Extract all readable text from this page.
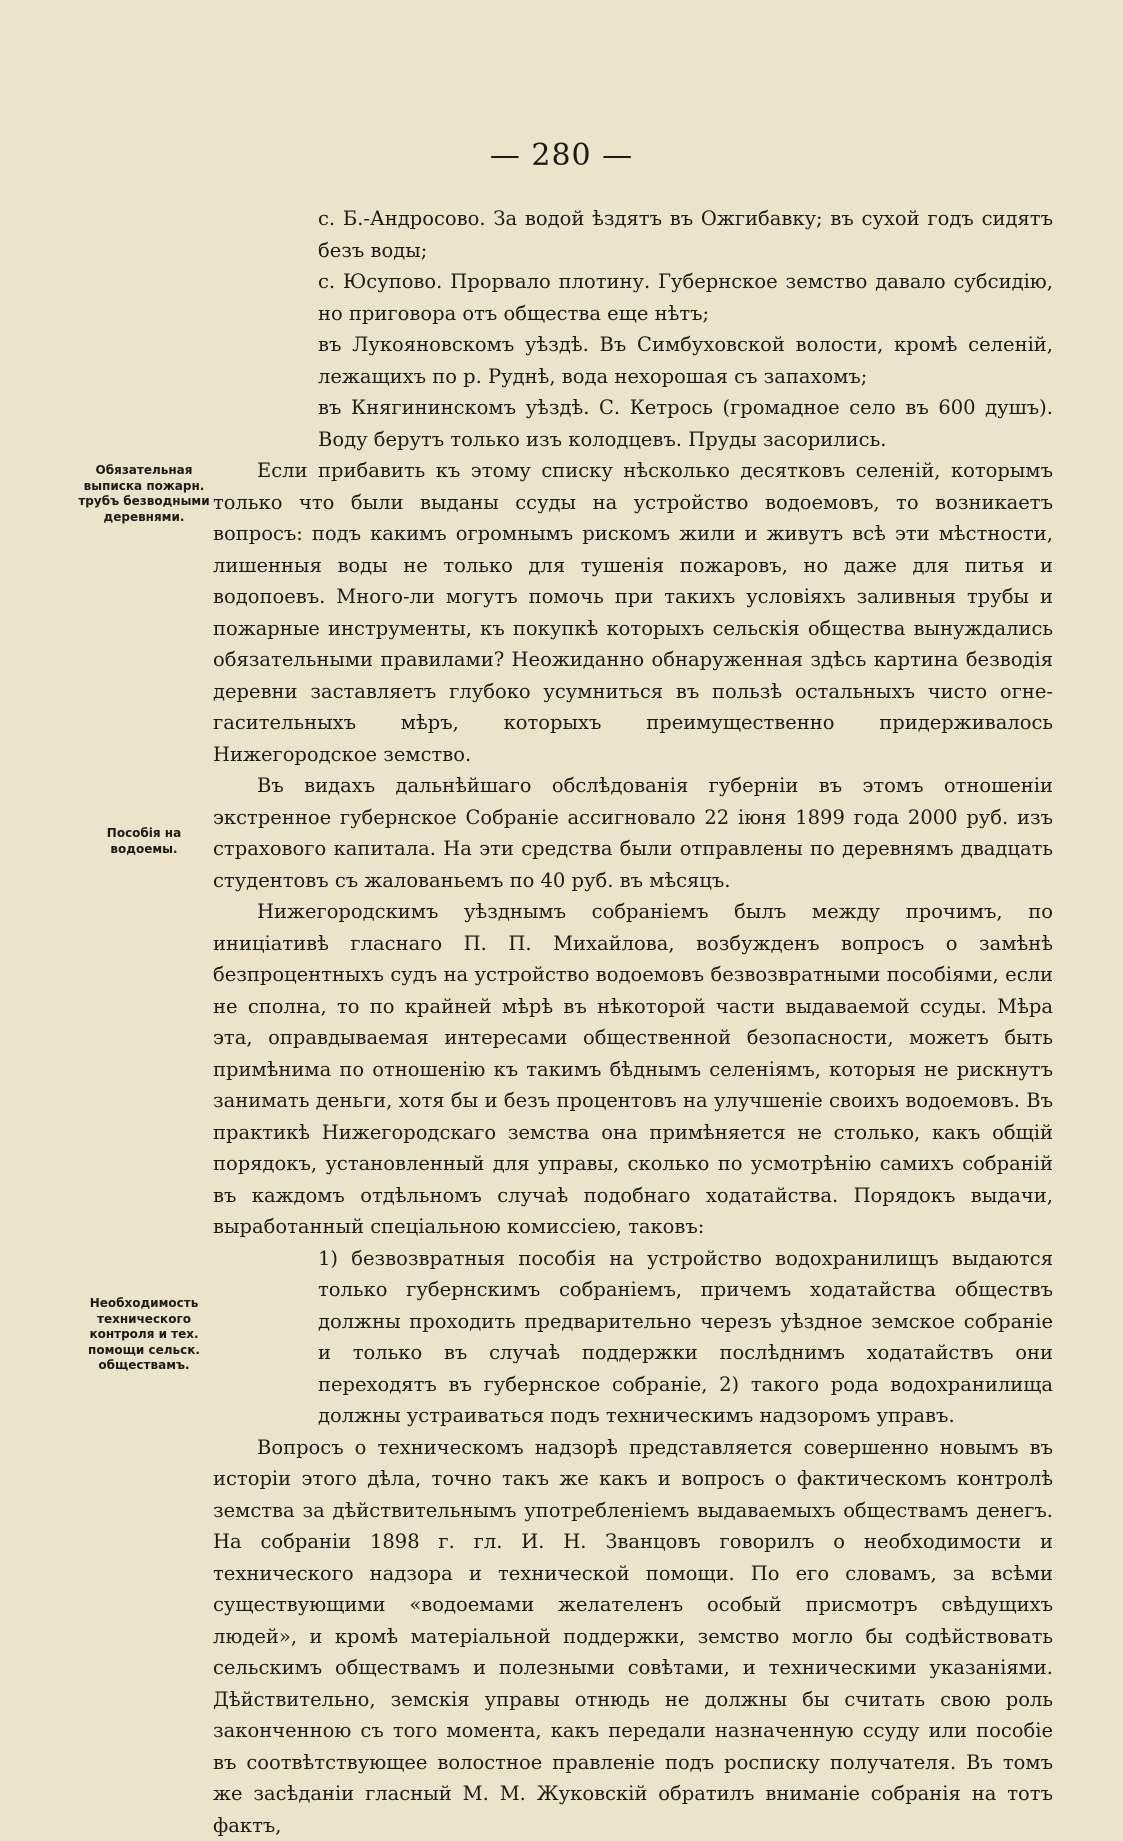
— 280 —
Обязательная выписка пожарн. трубъ безводными деревнями.
Пособія на водоемы.
Необходимость технического контроля и тех. помощи сельск. обществамъ.

с. Б.-Андросово. За водой ѣздятъ въ Ожгибавку; въ сухой годъ сидятъ безъ воды;

с. Юсупово. Прорвало плотину. Губернское земство давало субсидію, но приговора отъ общества еще нѣтъ;

въ Лукояновскомъ уѣздѣ. Въ Симбуховской волости, кромѣ селеній, лежащихъ по р. Руднѣ, вода нехорошая съ запахомъ;

въ Княгининскомъ уѣздѣ. С. Кетрось (громадное село въ 600 душъ). Воду берутъ только изъ колодцевъ. Пруды засорились.

Если прибавить къ этому списку нѣсколько десятковъ селеній, которымъ только что были выданы ссуды на устройство водоемовъ, то возникаетъ вопросъ: подъ какимъ огромнымъ рискомъ жили и живутъ всѣ эти мѣстности, лишенныя воды не только для тушенія пожаровъ, но даже для питья и водопоевъ. Много-ли могутъ помочь при такихъ условіяхъ заливныя трубы и пожарные инструменты, къ покупкѣ которыхъ сельскія общества вынуждались обязательными правилами? Неожиданно обнаруженная здѣсь картина безводія деревни заставляетъ глубоко усумниться въ пользѣ остальныхъ чисто огне-гасительныхъ мѣръ, которыхъ преимущественно придерживалось Нижегородское земство.

Въ видахъ дальнѣйшаго обслѣдованія губерніи въ этомъ отношеніи экстренное губернское Собраніе ассигновало 22 іюня 1899 года 2000 руб. изъ страхового капитала. На эти средства были отправлены по деревнямъ двадцать студентовъ съ жалованьемъ по 40 руб. въ мѣсяцъ.

Нижегородскимъ уѣзднымъ собраніемъ былъ между прочимъ, по иниціативѣ гласнаго П. П. Михайлова, возбужденъ вопросъ о замѣнѣ безпроцентныхъ судъ на устройство водоемовъ безвозвратными пособіями, если не сполна, то по крайней мѣрѣ въ нѣкоторой части выдаваемой ссуды. Мѣра эта, оправдываемая интересами общественной безопасности, можетъ быть примѣнима по отношенію къ такимъ бѣднымъ селеніямъ, которыя не рискнутъ занимать деньги, хотя бы и безъ процентовъ на улучшеніе своихъ водоемовъ. Въ практикѣ Нижегородскаго земства она примѣняется не столько, какъ общій порядокъ, установленный для управы, сколько по усмотрѣнію самихъ собраній въ каждомъ отдѣльномъ случаѣ подобнаго ходатайства. Порядокъ выдачи, выработанный спеціальною комиссіею, таковъ:

1) безвозвратныя пособія на устройство водохранилищъ выдаются только губернскимъ собраніемъ, причемъ ходатайства обществъ должны проходить предварительно черезъ уѣздное земское собраніе и только въ случаѣ поддержки послѣднимъ ходатайствъ они переходятъ въ губернское собраніе, 2) такого рода водохранилища должны устраиваться подъ техническимъ надзоромъ управъ.

Вопросъ о техническомъ надзорѣ представляется совершенно новымъ въ исторіи этого дѣла, точно такъ же какъ и вопросъ о фактическомъ контролѣ земства за дѣйствительнымъ употребленіемъ выдаваемыхъ обществамъ денегъ. На собраніи 1898 г. гл. И. Н. Званцовъ говорилъ о необходимости и технического надзора и технической помощи. По его словамъ, за всѣми существующими «водоемами желателенъ особый присмотръ свѣдущихъ людей», и кромѣ матеріальной поддержки, земство могло бы содѣйствовать сельскимъ обществамъ и полезными совѣтами, и техническими указаніями. Дѣйствительно, земскія управы отнюдь не должны бы считать свою роль законченною съ того момента, какъ передали назначенную ссуду или пособіе въ соотвѣтствующее волостное правленіе подъ росписку получателя. Въ томъ же засѣданіи гласный М. М. Жуковскій обратилъ вниманіе собранія на тотъ фактъ,
